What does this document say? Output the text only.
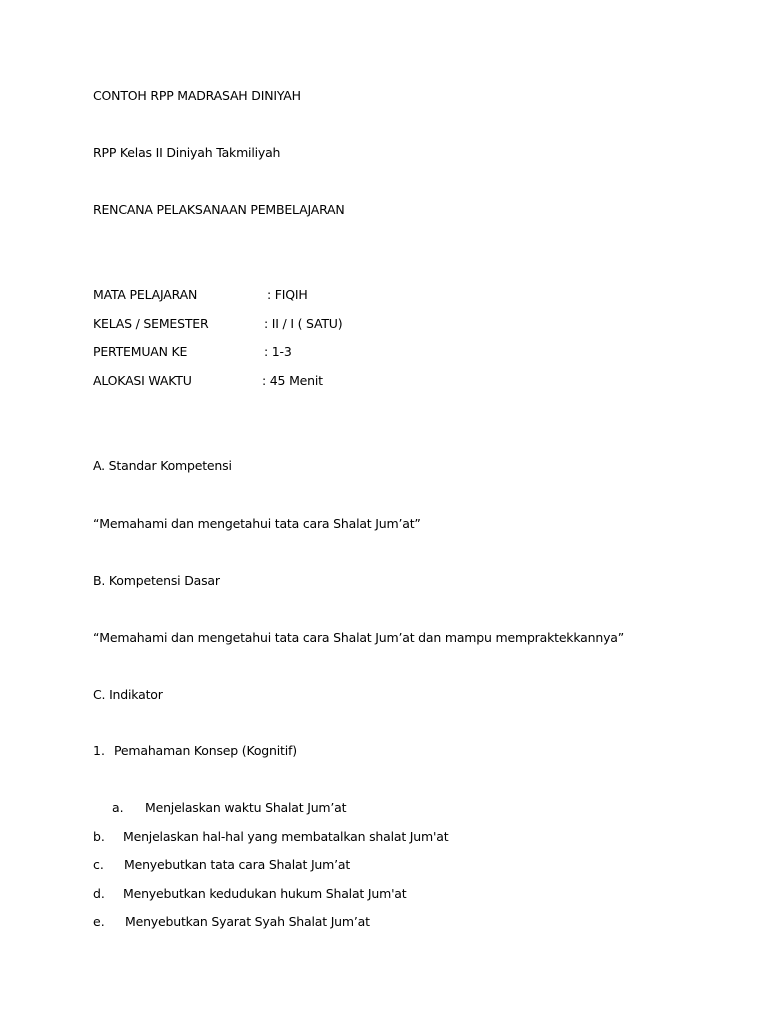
CONTOH RPP MADRASAH DINIYAH
RPP Kelas II Diniyah Takmiliyah
RENCANA PELAKSANAAN PEMBELAJARAN
MATA PELAJARAN	: FIQIH
KELAS / SEMESTER	: II / I ( SATU)
PERTEMUAN KE	: 1-3
ALOKASI WAKTU	: 45 Menit
A. Standar Kompetensi
“Memahami dan mengetahui tata cara Shalat Jum’at”
B. Kompetensi Dasar
“Memahami dan mengetahui tata cara Shalat Jum’at dan mampu mempraktekkannya”
C. Indikator
1. Pemahaman Konsep (Kognitif)
a. Menjelaskan waktu Shalat Jum’at
b. Menjelaskan hal-hal yang membatalkan shalat Jum'at
c. Menyebutkan tata cara Shalat Jum’at
d. Menyebutkan kedudukan hukum Shalat Jum'at
e. Menyebutkan Syarat Syah Shalat Jum’at
